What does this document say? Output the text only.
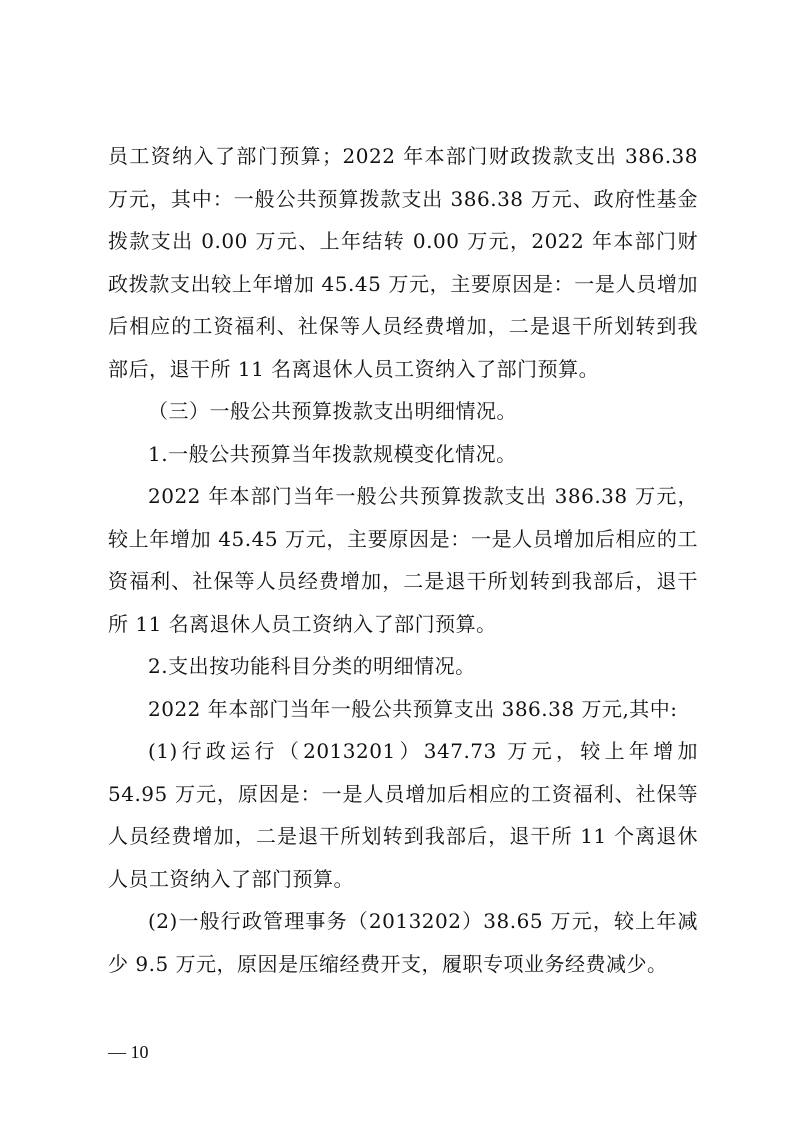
员工资纳入了部门预算；2022 年本部门财政拨款支出 386.38 万元，其中：一般公共预算拨款支出 386.38 万元、政府性基金拨款支出 0.00 万元、上年结转 0.00 万元，2022 年本部门财政拨款支出较上年增加 45.45 万元，主要原因是：一是人员增加后相应的工资福利、社保等人员经费增加，二是退干所划转到我部后，退干所 11 名离退休人员工资纳入了部门预算。

（三）一般公共预算拨款支出明细情况。

1.一般公共预算当年拨款规模变化情况。

2022 年本部门当年一般公共预算拨款支出 386.38 万元，较上年增加 45.45 万元，主要原因是：一是人员增加后相应的工资福利、社保等人员经费增加，二是退干所划转到我部后，退干所 11 名离退休人员工资纳入了部门预算。

2.支出按功能科目分类的明细情况。

2022 年本部门当年一般公共预算支出 386.38 万元,其中:

(1)行政运行（2013201）347.73 万元，较上年增加 54.95 万元，原因是：一是人员增加后相应的工资福利、社保等人员经费增加，二是退干所划转到我部后，退干所 11 个离退休人员工资纳入了部门预算。

(2)一般行政管理事务（2013202）38.65 万元，较上年减少 9.5 万元，原因是压缩经费开支，履职专项业务经费减少。

— 10
